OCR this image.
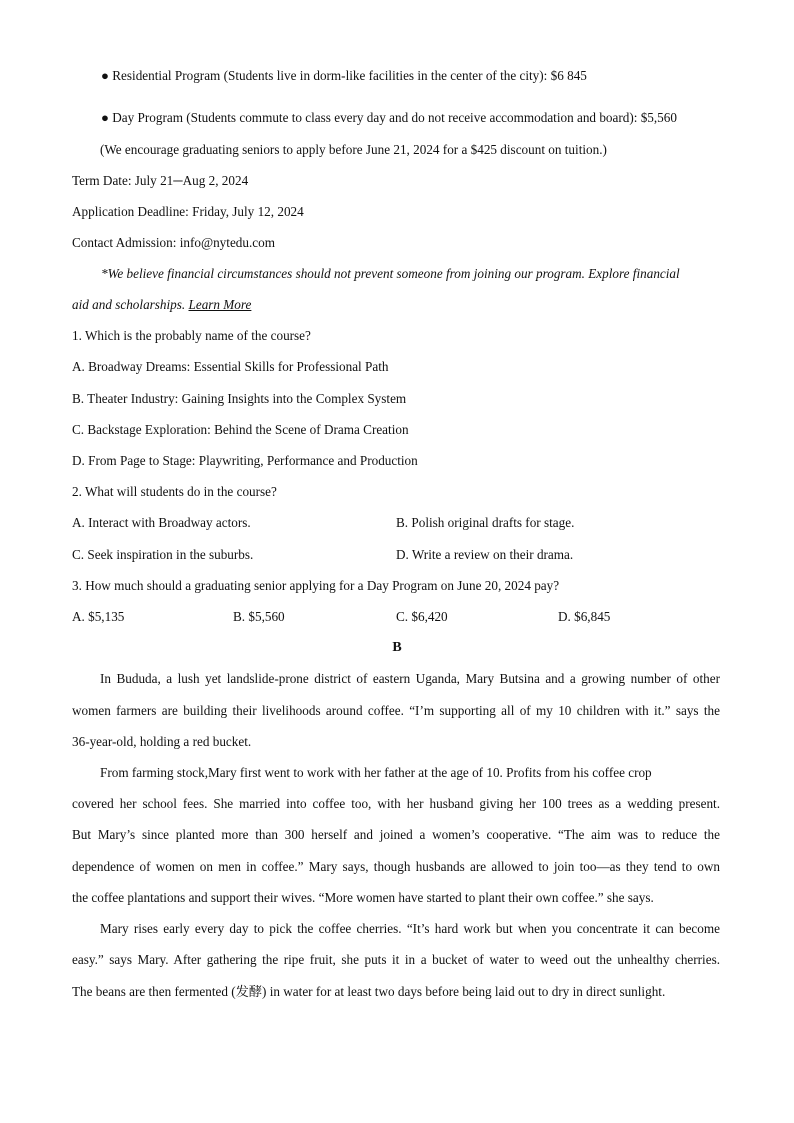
● Residential Program (Students live in dorm-like facilities in the center of the city): $6 845
● Day Program (Students commute to class every day and do not receive accommodation and board): $5,560
(We encourage graduating seniors to apply before June 21, 2024 for a $425 discount on tuition.)
Term Date: July 21─Aug 2, 2024
Application Deadline: Friday, July 12, 2024
Contact Admission: info@nytedu.com
*We believe financial circumstances should not prevent someone from joining our program. Explore financial
aid and scholarships. Learn More
1. Which is the probably name of the course?
A. Broadway Dreams: Essential Skills for Professional Path
B. Theater Industry: Gaining Insights into the Complex System
C. Backstage Exploration: Behind the Scene of Drama Creation
D. From Page to Stage: Playwriting, Performance and Production
2. What will students do in the course?
A. Interact with Broadway actors.	B. Polish original drafts for stage.
C. Seek inspiration in the suburbs.	D. Write a review on their drama.
3. How much should a graduating senior applying for a Day Program on June 20, 2024 pay?
A. $5,135	B. $5,560	C. $6,420	D. $6,845
B
In Bududa, a lush yet landslide-prone district of eastern Uganda, Mary Butsina and a growing number of other
women farmers are building their livelihoods around coffee. “I’m supporting all of my 10 children with it.” says the
36-year-old, holding a red bucket.
From farming stock,Mary first went to work with her father at the age of 10. Profits from his coffee crop
covered her school fees. She married into coffee too, with her husband giving her 100 trees as a wedding present.
But Mary’s since planted more than 300 herself and joined a women’s cooperative. “The aim was to reduce the
dependence of women on men in coffee.” Mary says, though husbands are allowed to join too—as they tend to own
the coffee plantations and support their wives. “More women have started to plant their own coffee.” she says.
Mary rises early every day to pick the coffee cherries. “It’s hard work but when you concentrate it can become
easy.” says Mary. After gathering the ripe fruit, she puts it in a bucket of water to weed out the unhealthy cherries.
The beans are then fermented (发酵) in water for at least two days before being laid out to dry in direct sunlight.
